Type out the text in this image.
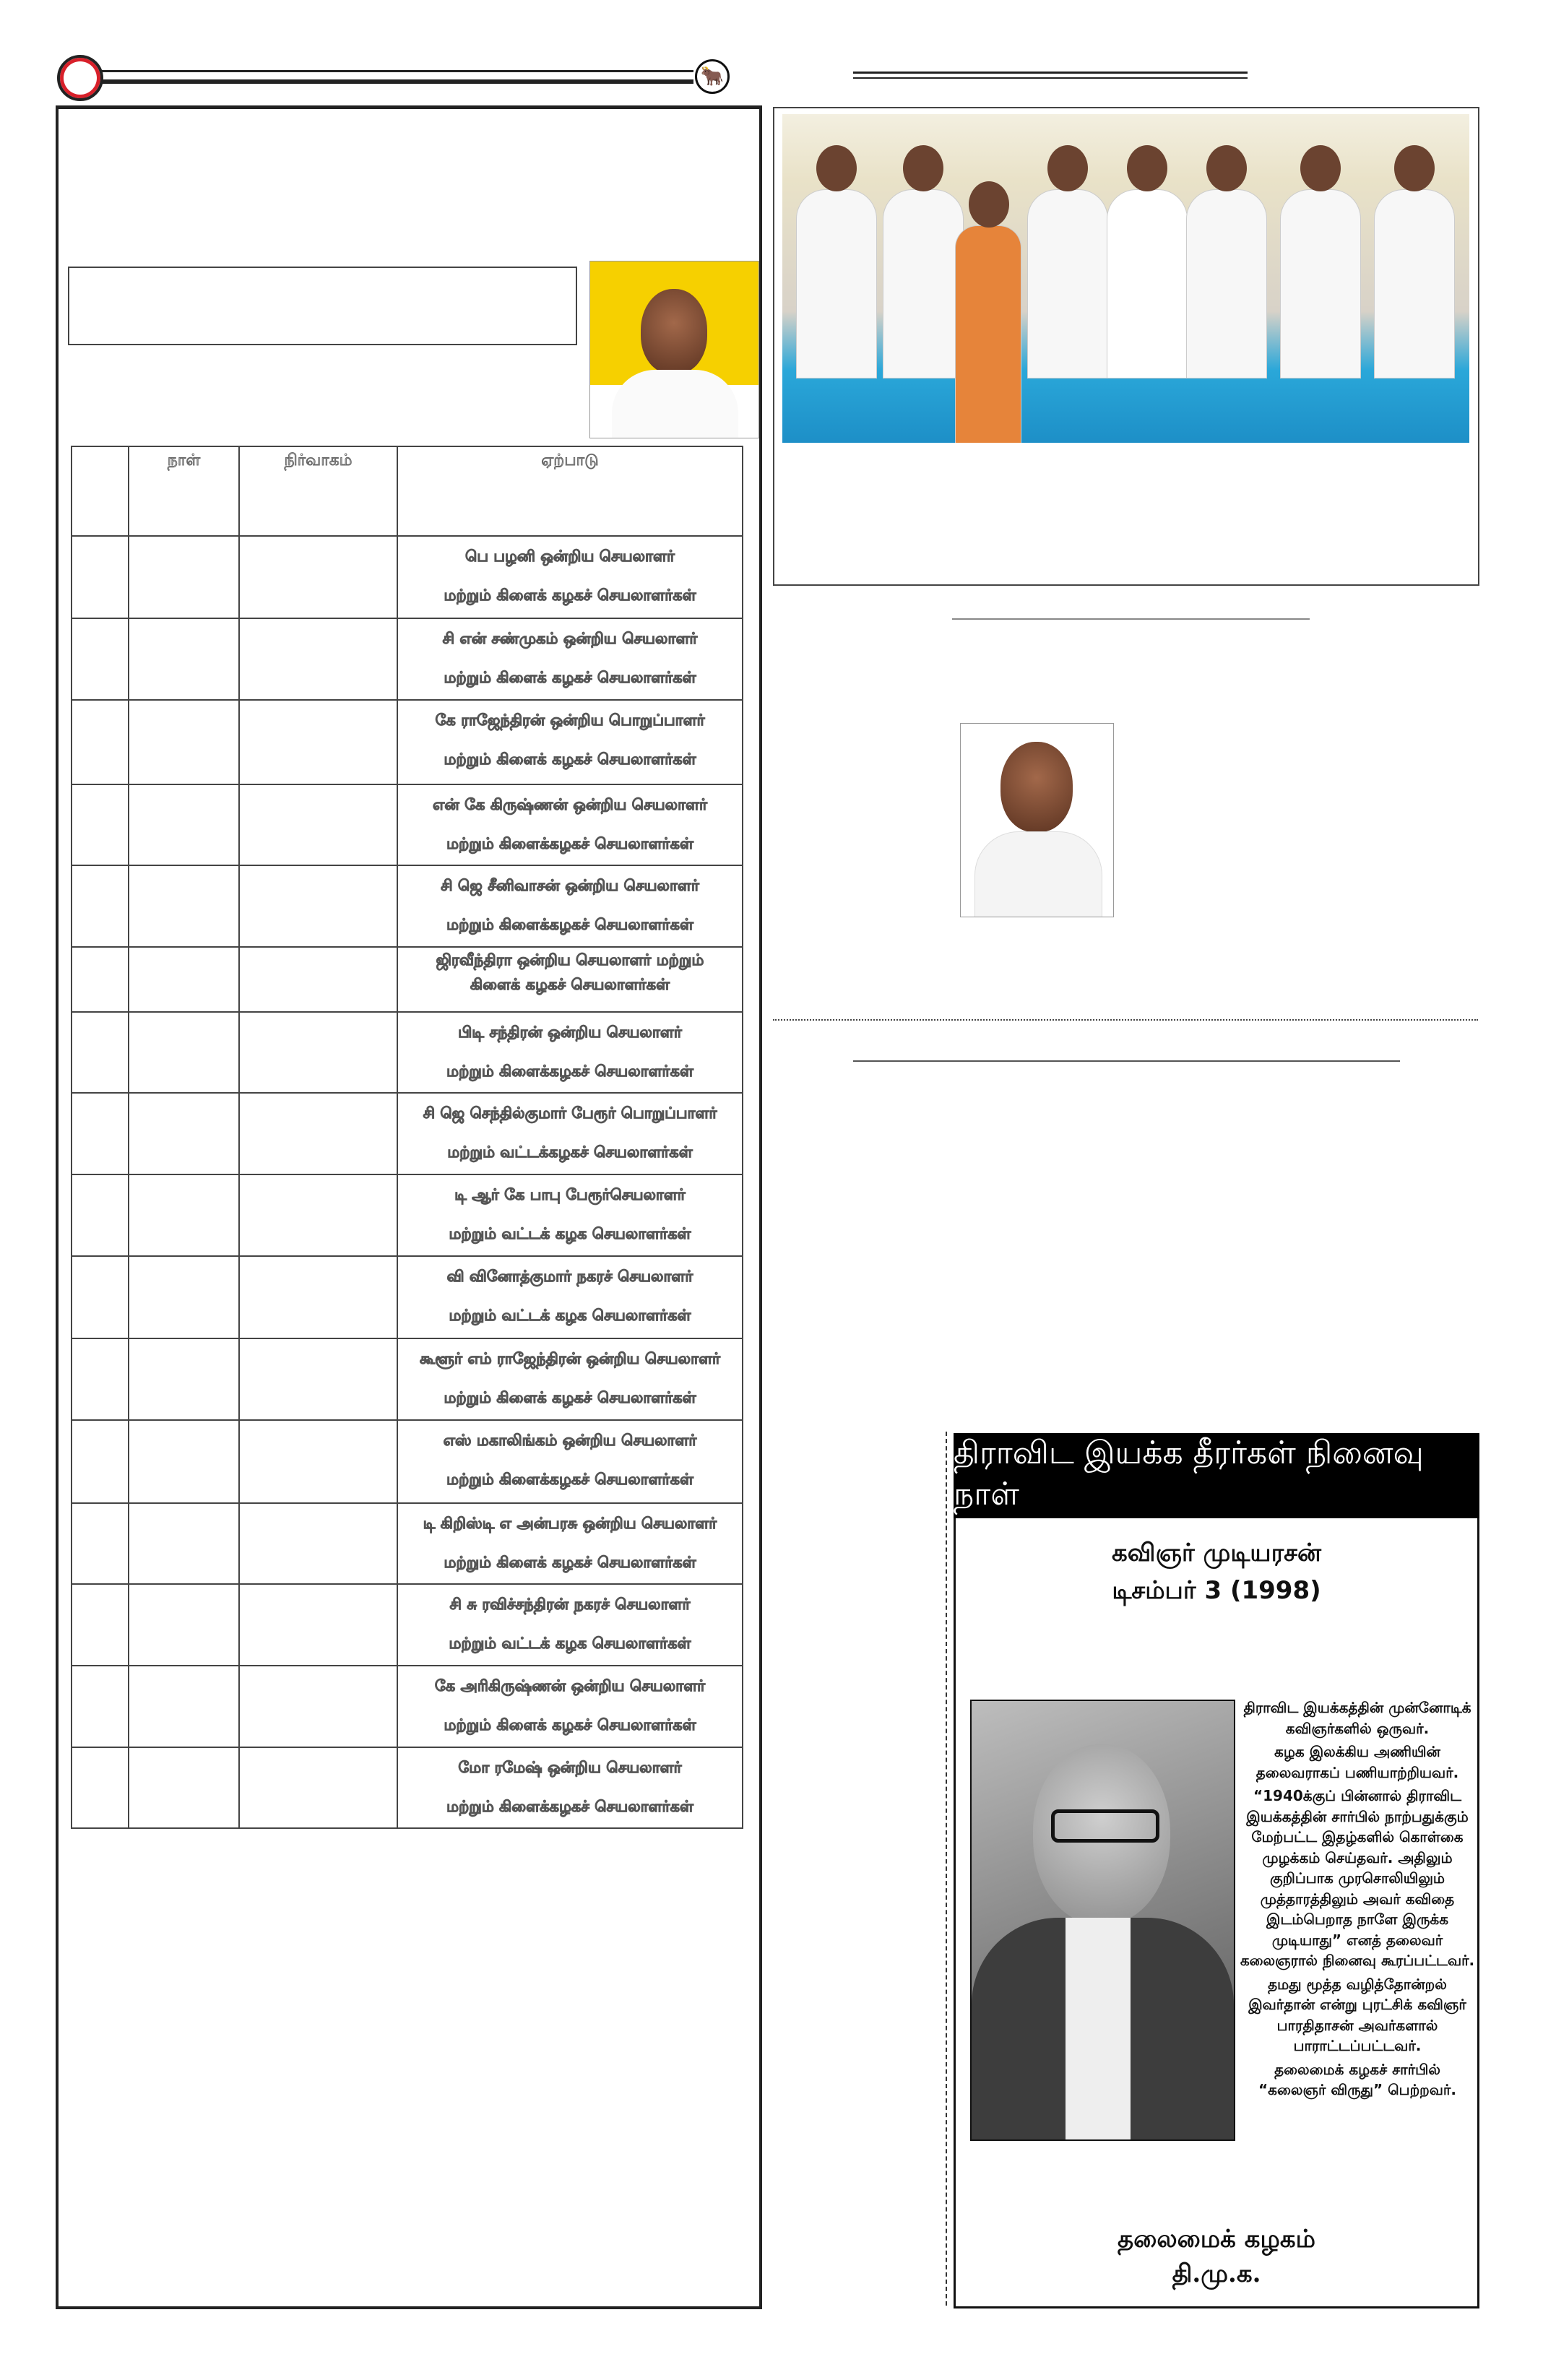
🐂
	நாள்	நிர்வாகம்	ஏற்பாடு

			பெ பழனி ஒன்றிய செயலாளர்
மற்றும் கிளைக் கழகச் செயலாளர்கள்

			சி என் சண்முகம் ஒன்றிய செயலாளர்
மற்றும் கிளைக் கழகச் செயலாளர்கள்

			கே ராஜேந்திரன் ஒன்றிய பொறுப்பாளர்
மற்றும் கிளைக் கழகச் செயலாளர்கள்

			என் கே கிருஷ்ணன் ஒன்றிய செயலாளர்
மற்றும் கிளைக்கழகச் செயலாளர்கள்

			சி ஜெ சீனிவாசன் ஒன்றிய செயலாளர்
மற்றும் கிளைக்கழகச் செயலாளர்கள்

			ஜிரவீந்திரா ஒன்றிய செயலாளர் மற்றும்
கிளைக் கழகச் செயலாளர்கள்

			பிடி சந்திரன் ஒன்றிய செயலாளர்
மற்றும் கிளைக்கழகச் செயலாளர்கள்

			சி ஜெ செந்தில்குமார் பேரூர் பொறுப்பாளர்
மற்றும் வட்டக்கழகச் செயலாளர்கள்

			டி ஆர் கே பாபு பேரூர்செயலாளர்
மற்றும் வட்டக் கழக செயலாளர்கள்

			வி வினோத்குமார் நகரச் செயலாளர்
மற்றும் வட்டக் கழக செயலாளர்கள்

			கூளூர் எம் ராஜேந்திரன் ஒன்றிய செயலாளர்
மற்றும் கிளைக் கழகச் செயலாளர்கள்

			எஸ் மகாலிங்கம் ஒன்றிய செயலாளர்
மற்றும் கிளைக்கழகச் செயலாளர்கள்

			டி கிறிஸ்டி எ அன்பரசு ஒன்றிய செயலாளர்
மற்றும் கிளைக் கழகச் செயலாளர்கள்

			சி சு ரவிச்சந்திரன் நகரச் செயலாளர்
மற்றும் வட்டக் கழக செயலாளர்கள்

			கே அரிகிருஷ்ணன் ஒன்றிய செயலாளர்
மற்றும் கிளைக் கழகச் செயலாளர்கள்

			மோ ரமேஷ் ஒன்றிய செயலாளர்
மற்றும் கிளைக்கழகச் செயலாளர்கள்
திராவிட இயக்க தீரர்கள் நினைவு நாள்
கவிஞர் முடியரசன்
டிசம்பர் 3 (1998)

திராவிட இயக்கத்தின் முன்னோடிக் கவிஞர்களில் ஒருவர்.

கழக இலக்கிய அணியின் தலைவராகப் பணியாற்றியவர்.

“1940க்குப் பின்னால் திராவிட இயக்கத்தின் சார்பில் நாற்பதுக்கும் மேற்பட்ட இதழ்களில் கொள்கை முழக்கம் செய்தவர். அதிலும் குறிப்பாக முரசொலியிலும் முத்தாரத்திலும் அவர் கவிதை இடம்பெறாத நாளே இருக்க முடியாது” எனத் தலைவர் கலைஞரால் நினைவு கூரப்பட்டவர்.

தமது மூத்த வழித்தோன்றல் இவர்தான் என்று புரட்சிக் கவிஞர் பாரதிதாசன் அவர்களால் பாராட்டப்பட்டவர்.

தலைமைக் கழகச் சார்பில் “கலைஞர் விருது” பெற்றவர்.

தலைமைக் கழகம்
தி.மு.க.
